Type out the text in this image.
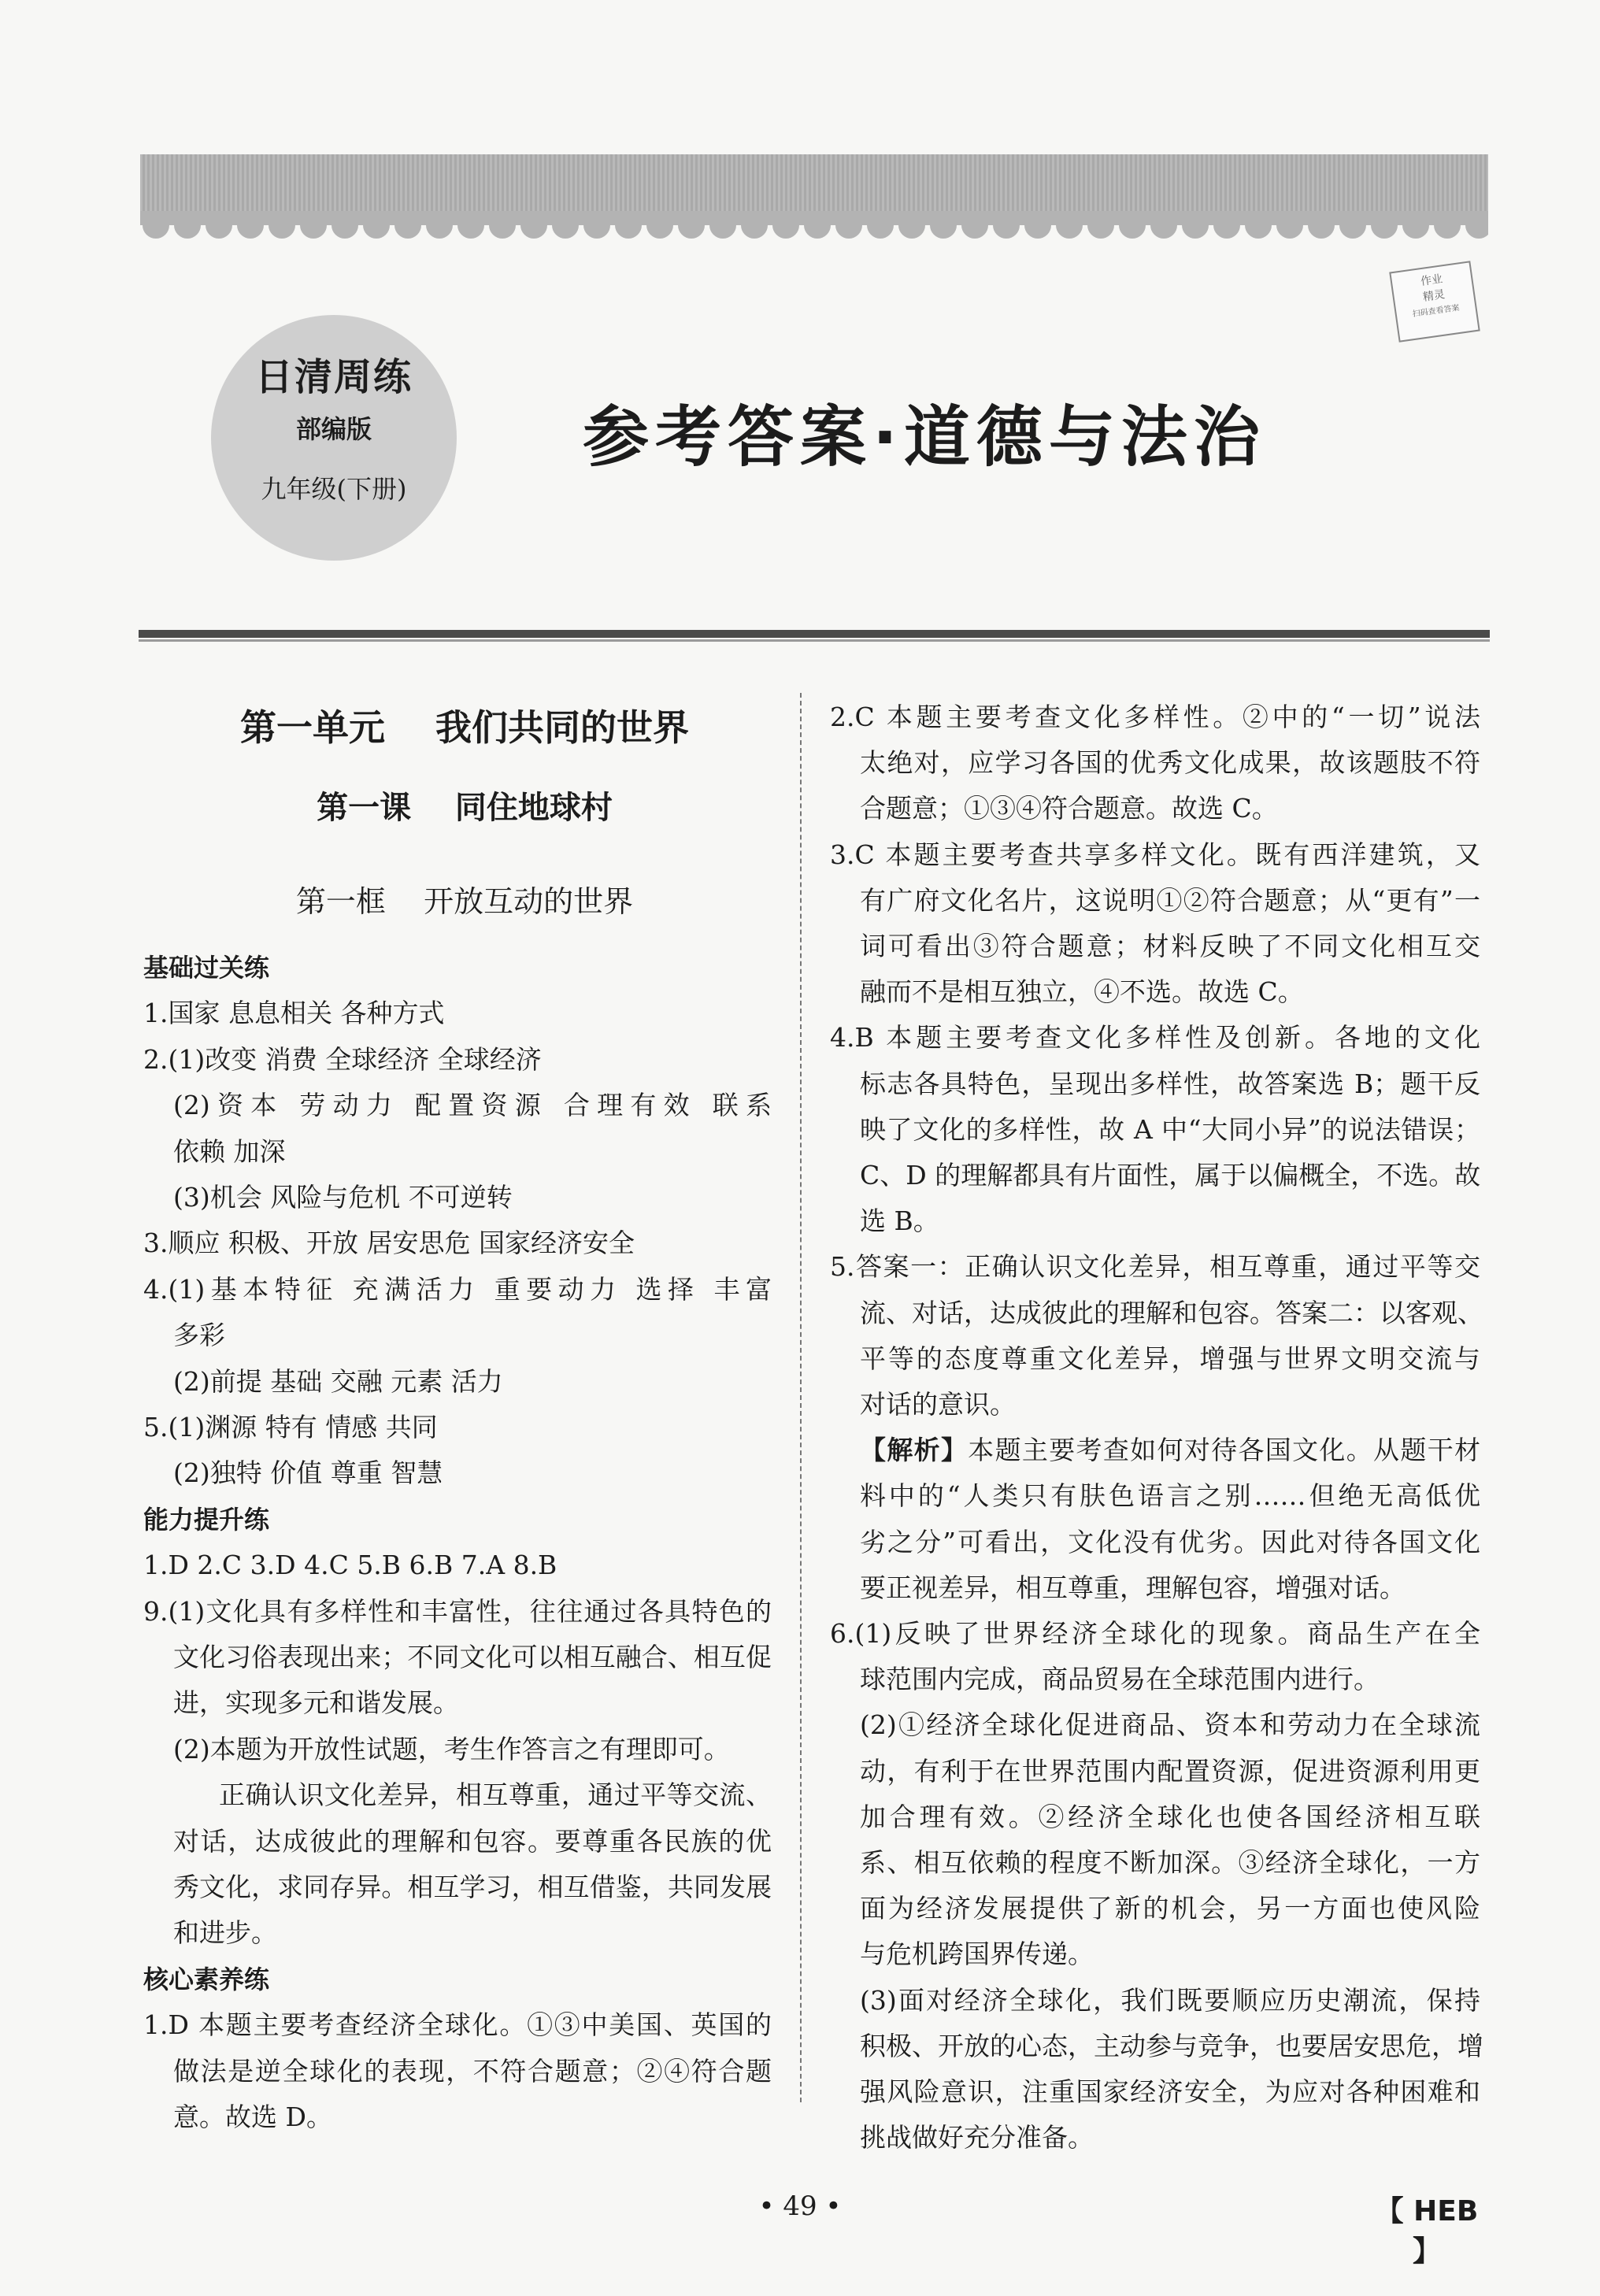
作业
精灵
扫码查看答案
日清周练
部编版
九年级(下册)
参考答案·道德与法治
第一单元    我们共同的世界
第一课    同住地球村
第一框    开放互动的世界
基础过关练
1.国家 息息相关 各种方式
2.(1)改变 消费 全球经济 全球经济
(2)资本 劳动力 配置资源 合理有效 联系
依赖 加深
(3)机会 风险与危机 不可逆转
3.顺应 积极、开放 居安思危 国家经济安全
4.(1)基本特征 充满活力 重要动力 选择 丰富
多彩
(2)前提 基础 交融 元素 活力
5.(1)渊源 特有 情感 共同
(2)独特 价值 尊重 智慧
能力提升练
1.D 2.C 3.D 4.C 5.B 6.B 7.A 8.B
9.(1)文化具有多样性和丰富性，往往通过各具特色的
文化习俗表现出来；不同文化可以相互融合、相互促
进，实现多元和谐发展。
(2)本题为开放性试题，考生作答言之有理即可。
正确认识文化差异，相互尊重，通过平等交流、
对话，达成彼此的理解和包容。要尊重各民族的优
秀文化，求同存异。相互学习，相互借鉴，共同发展
和进步。
核心素养练
1.D 本题主要考查经济全球化。①③中美国、英国的
做法是逆全球化的表现，不符合题意；②④符合题
意。故选 D。
2.C 本题主要考查文化多样性。②中的“一切”说法
太绝对，应学习各国的优秀文化成果，故该题肢不符
合题意；①③④符合题意。故选 C。
3.C 本题主要考查共享多样文化。既有西洋建筑，又
有广府文化名片，这说明①②符合题意；从“更有”一
词可看出③符合题意；材料反映了不同文化相互交
融而不是相互独立，④不选。故选 C。
4.B 本题主要考查文化多样性及创新。各地的文化
标志各具特色，呈现出多样性，故答案选 B；题干反
映了文化的多样性，故 A 中“大同小异”的说法错误；
C、D 的理解都具有片面性，属于以偏概全，不选。故
选 B。
5.答案一：正确认识文化差异，相互尊重，通过平等交
流、对话，达成彼此的理解和包容。答案二：以客观、
平等的态度尊重文化差异，增强与世界文明交流与
对话的意识。
【解析】本题主要考查如何对待各国文化。从题干材
料中的“人类只有肤色语言之别……但绝无高低优
劣之分”可看出，文化没有优劣。因此对待各国文化
要正视差异，相互尊重，理解包容，增强对话。
6.(1)反映了世界经济全球化的现象。商品生产在全
球范围内完成，商品贸易在全球范围内进行。
(2)①经济全球化促进商品、资本和劳动力在全球流
动，有利于在世界范围内配置资源，促进资源利用更
加合理有效。②经济全球化也使各国经济相互联
系、相互依赖的程度不断加深。③经济全球化，一方
面为经济发展提供了新的机会，另一方面也使风险
与危机跨国界传递。
(3)面对经济全球化，我们既要顺应历史潮流，保持
积极、开放的心态，主动参与竞争，也要居安思危，增
强风险意识，注重国家经济安全，为应对各种困难和
挑战做好充分准备。
• 49 •	【 HEB 】
